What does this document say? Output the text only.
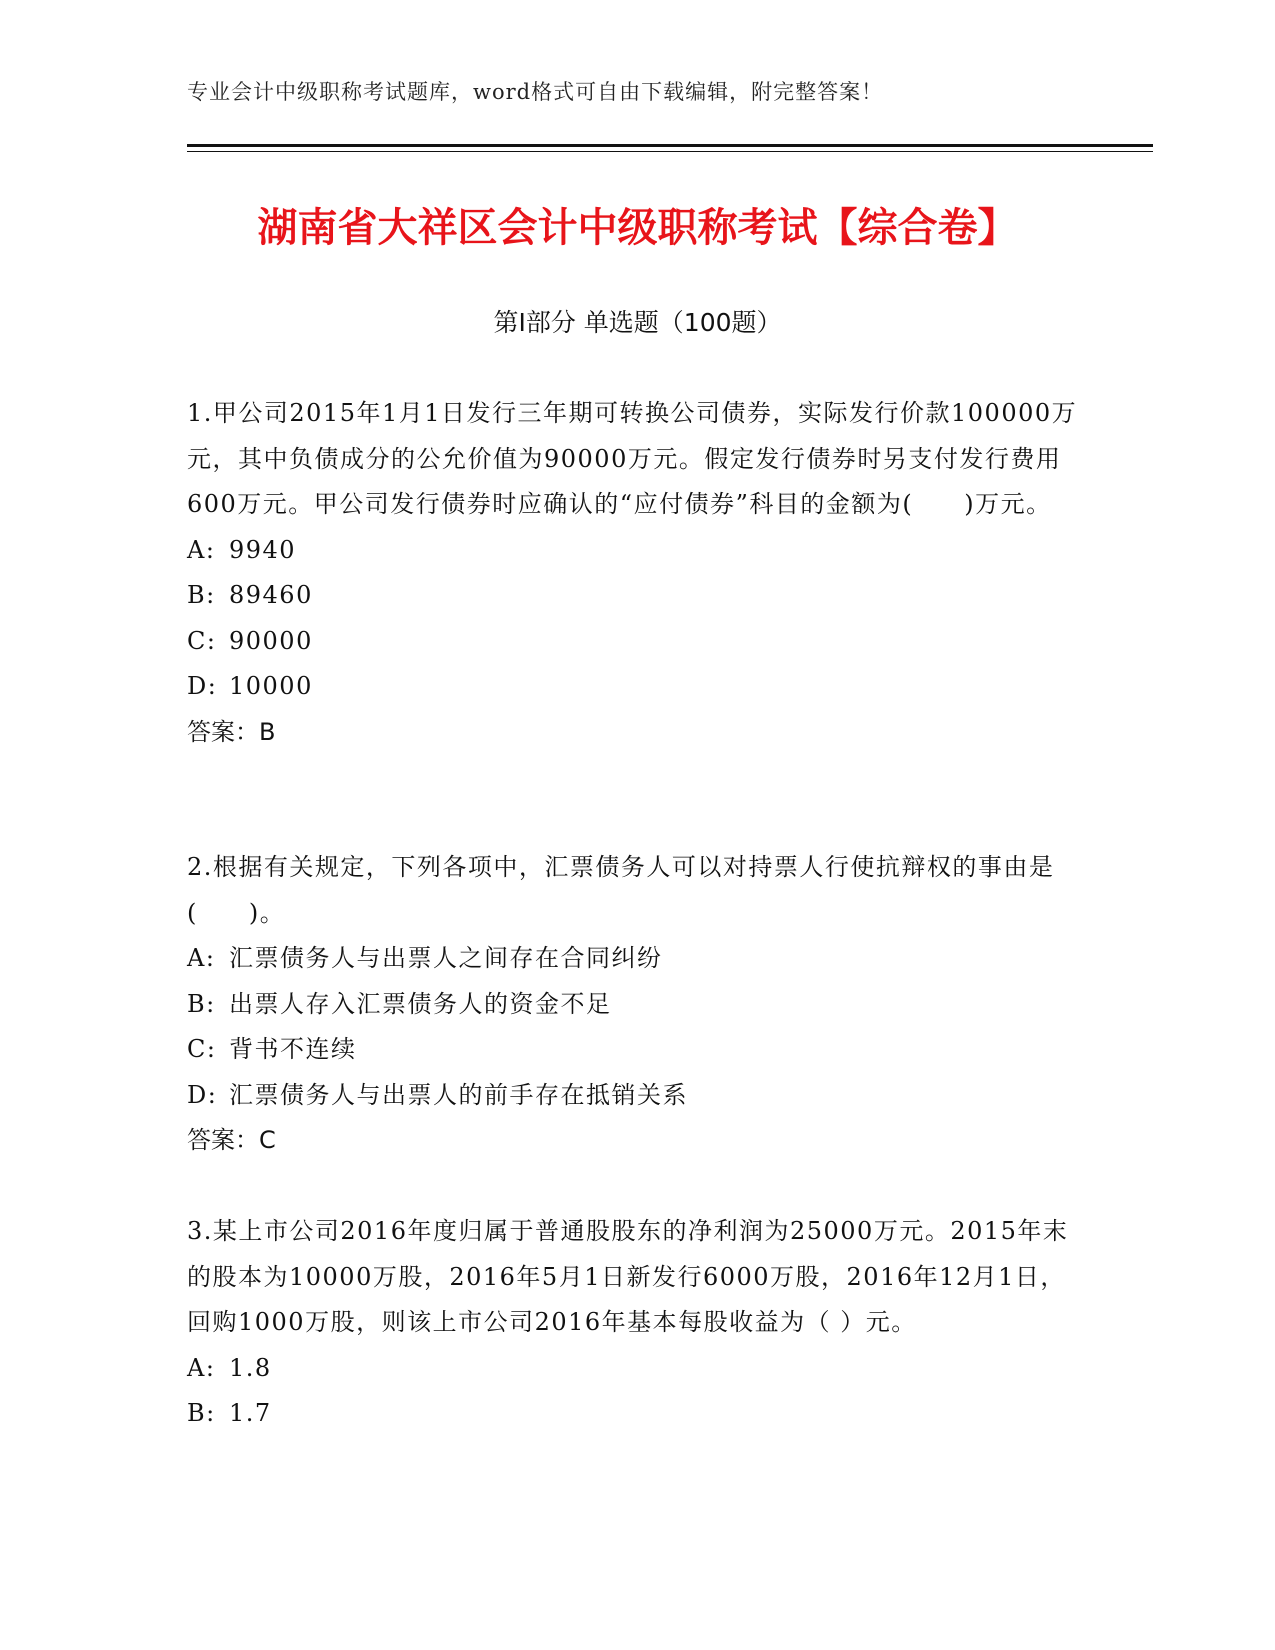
专业会计中级职称考试题库，word格式可自由下载编辑，附完整答案！
湖南省大祥区会计中级职称考试【综合卷】
第Ⅰ部分 单选题（100题）

1.甲公司2015年1月1日发行三年期可转换公司债券，实际发行价款100000万元，其中负债成分的公允价值为90000万元。假定发行债券时另支付发行费用600万元。甲公司发行债券时应确认的“应付债券”科目的金额为(　　)万元。

A: 9940

B: 89460

C: 90000

D: 10000

答案：B

2.根据有关规定，下列各项中，汇票债务人可以对持票人行使抗辩权的事由是(　　)。

A: 汇票债务人与出票人之间存在合同纠纷

B: 出票人存入汇票债务人的资金不足

C: 背书不连续

D: 汇票债务人与出票人的前手存在抵销关系

答案：C

3.某上市公司2016年度归属于普通股股东的净利润为25000万元。2015年末的股本为10000万股，2016年5月1日新发行6000万股，2016年12月1日，回购1000万股，则该上市公司2016年基本每股收益为（ ）元。

A: 1.8

B: 1.7
